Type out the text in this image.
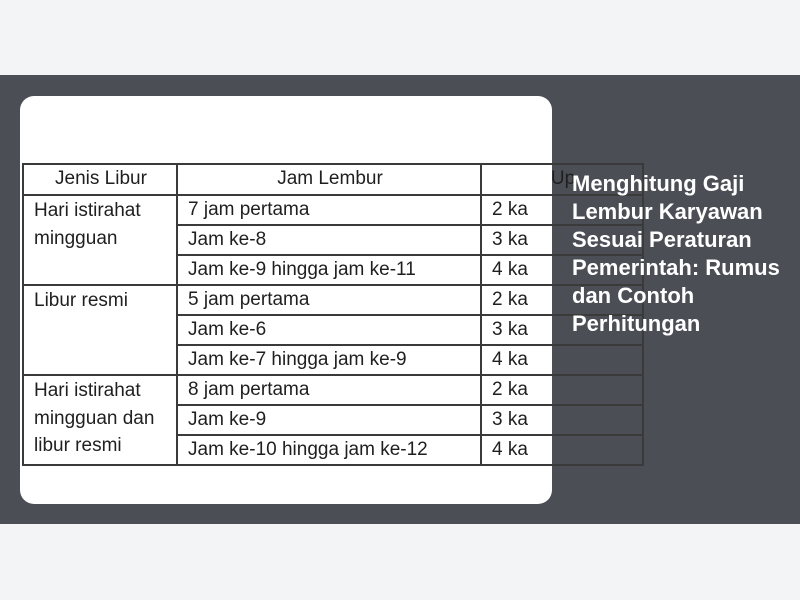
Jenis Libur	Jam Lembur	Up
Hari istirahat mingguan	7 jam pertama	2 ka
	Jam ke-8	3 ka
	Jam ke-9 hingga jam ke-11	4 ka
Libur resmi	5 jam pertama	2 ka
	Jam ke-6	3 ka
	Jam ke-7 hingga jam ke-9	4 ka
Hari istirahat mingguan dan libur resmi	8 jam pertama	2 ka
	Jam ke-9	3 ka
	Jam ke-10 hingga jam ke-12	4 ka
Menghitung Gaji Lembur Karyawan Sesuai Peraturan Pemerintah: Rumus dan Contoh Perhitungan
